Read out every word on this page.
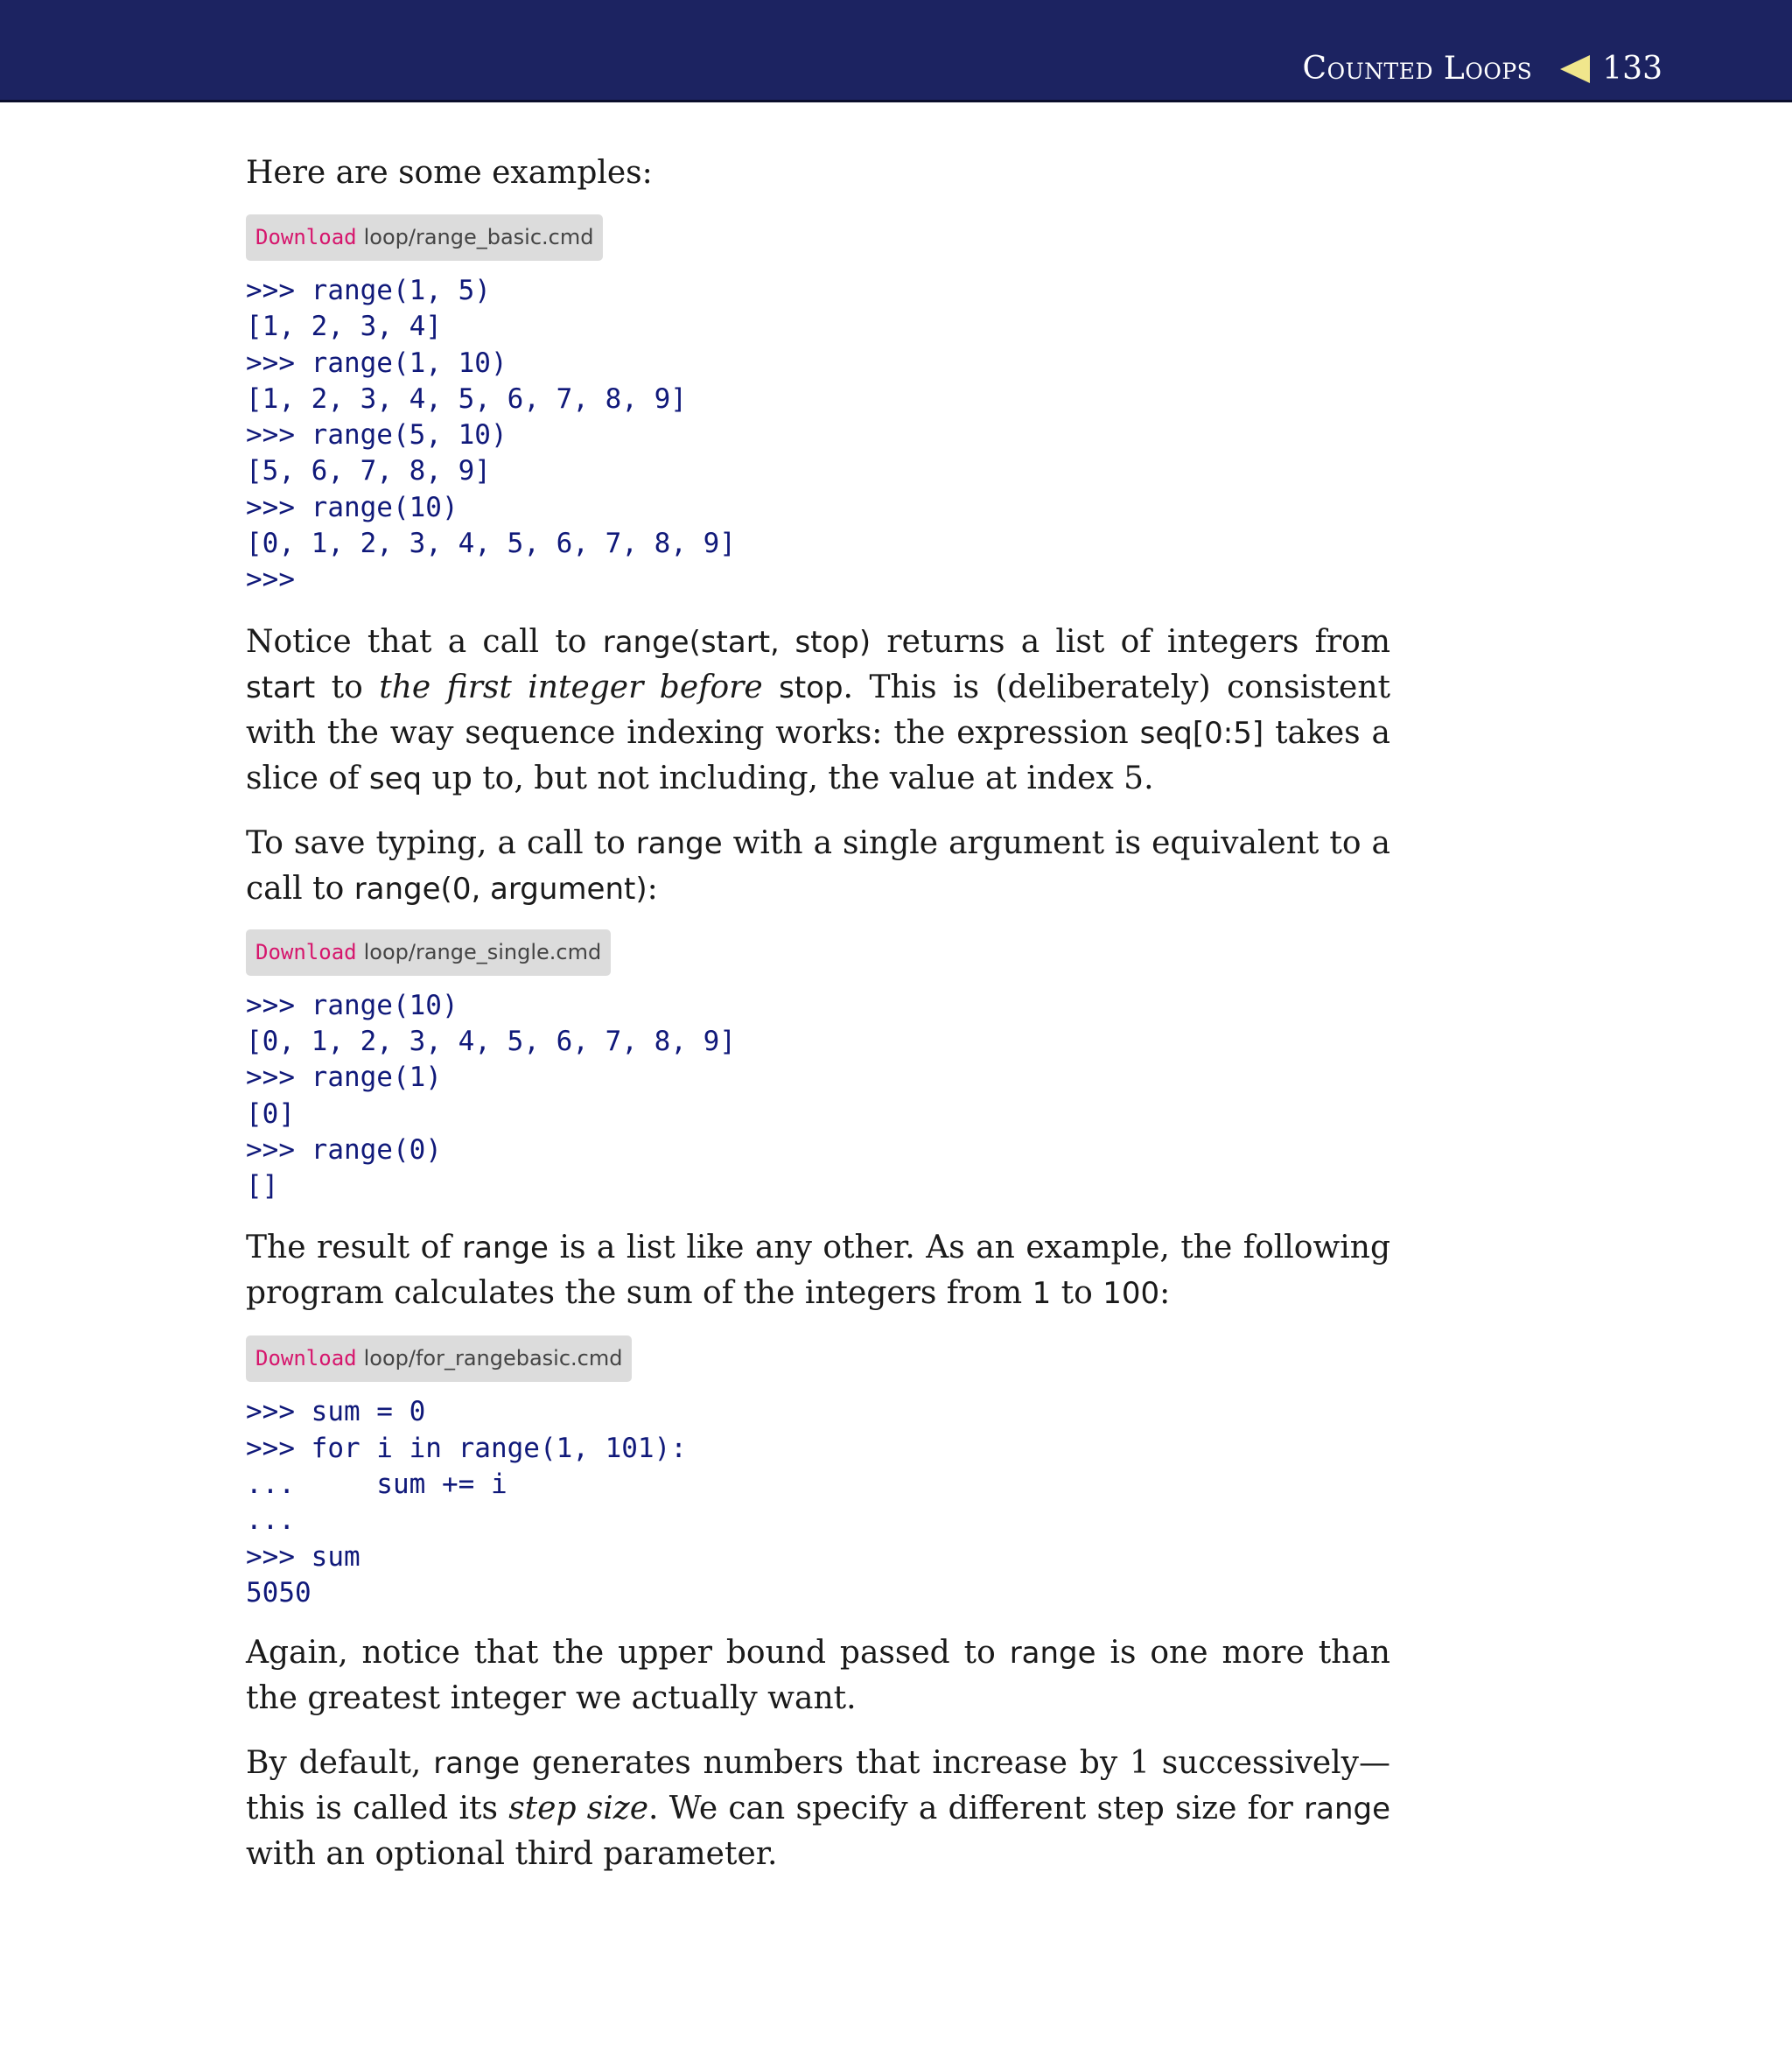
Counted Loops 133

Here are some examples:

Download loop/range_basic.cmd
>>> range(1, 5)
[1, 2, 3, 4]
>>> range(1, 10)
[1, 2, 3, 4, 5, 6, 7, 8, 9]
>>> range(5, 10)
[5, 6, 7, 8, 9]
>>> range(10)
[0, 1, 2, 3, 4, 5, 6, 7, 8, 9]
>>>

Notice that a call to range(start, stop) returns a list of integers from start to the first integer before stop. This is (deliberately) consistent with the way sequence indexing works: the expression seq[0:5] takes a slice of seq up to, but not including, the value at index 5.

To save typing, a call to range with a single argument is equivalent to a call to range(0, argument):

Download loop/range_single.cmd
>>> range(10)
[0, 1, 2, 3, 4, 5, 6, 7, 8, 9]
>>> range(1)
[0]
>>> range(0)
[]

The result of range is a list like any other. As an example, the following program calculates the sum of the integers from 1 to 100:

Download loop/for_rangebasic.cmd
>>> sum = 0
>>> for i in range(1, 101):
...     sum += i
...
>>> sum
5050

Again, notice that the upper bound passed to range is one more than the greatest integer we actually want.

By default, range generates numbers that increase by 1 successively—this is called its step size. We can specify a different step size for range with an optional third parameter.
